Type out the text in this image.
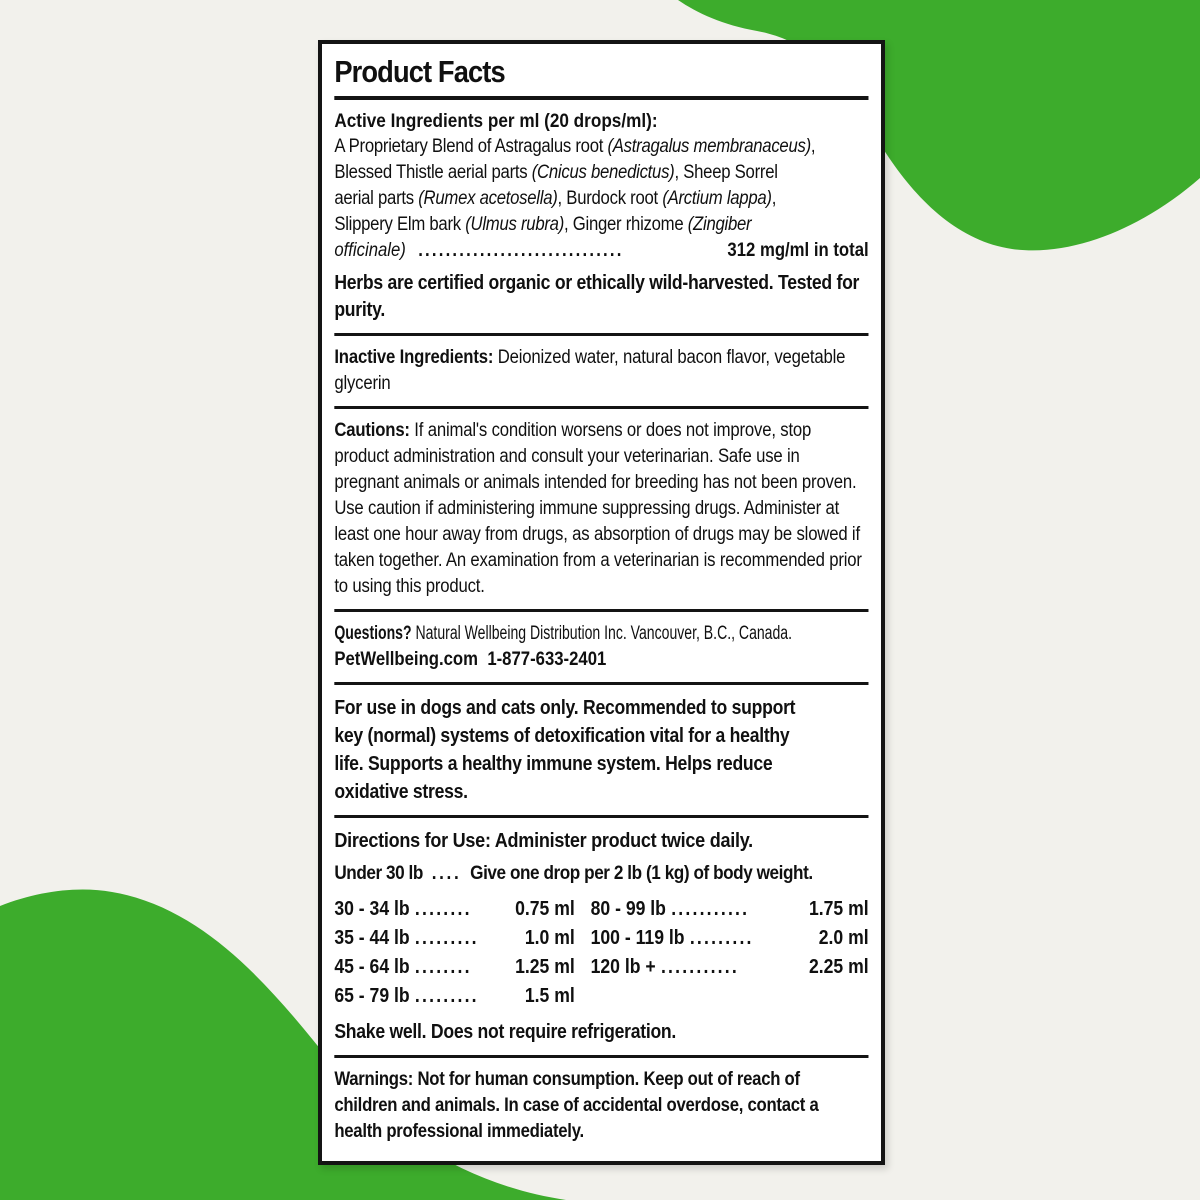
Product Facts

Active Ingredients per ml (20 drops/ml):

A Proprietary Blend of Astragalus root (Astragalus membranaceus),
Blessed Thistle aerial parts (Cnicus benedictus), Sheep Sorrel
aerial parts (Rumex acetosella), Burdock root (Arctium lappa),
Slippery Elm bark (Ulmus rubra), Ginger rhizome (Zingiber
officinale) ..............................	312 mg/ml in total

Herbs are certified organic or ethically wild-harvested. Tested for purity.

Inactive Ingredients: Deionized water, natural bacon flavor, vegetable glycerin

Cautions: If animal's condition worsens or does not improve, stop product administration and consult your veterinarian. Safe use in pregnant animals or animals intended for breeding has not been proven. Use caution if administering immune suppressing drugs. Administer at least one hour away from drugs, as absorption of drugs may be slowed if taken together. An examination from a veterinarian is recommended prior to using this product.

Questions? Natural Wellbeing Distribution Inc. Vancouver, B.C., Canada.
PetWellbeing.com 1-877-633-2401
For use in dogs and cats only. Recommended to support
key (normal) systems of detoxification vital for a healthy
life. Supports a healthy immune system. Helps reduce
oxidative stress.

Directions for Use: Administer product twice daily.

Under 30 lb .... Give one drop per 2 lb (1 kg) of body weight.
30 - 34 lb ........	0.75 ml
35 - 44 lb .........	1.0 ml
45 - 64 lb ........	1.25 ml
65 - 79 lb .........	1.5 ml
80 - 99 lb ...........	1.75 ml
100 - 119 lb .........	2.0 ml
120 lb + ...........	2.25 ml

Shake well. Does not require refrigeration.

Warnings: Not for human consumption. Keep out of reach of
children and animals. In case of accidental overdose, contact a
health professional immediately.
